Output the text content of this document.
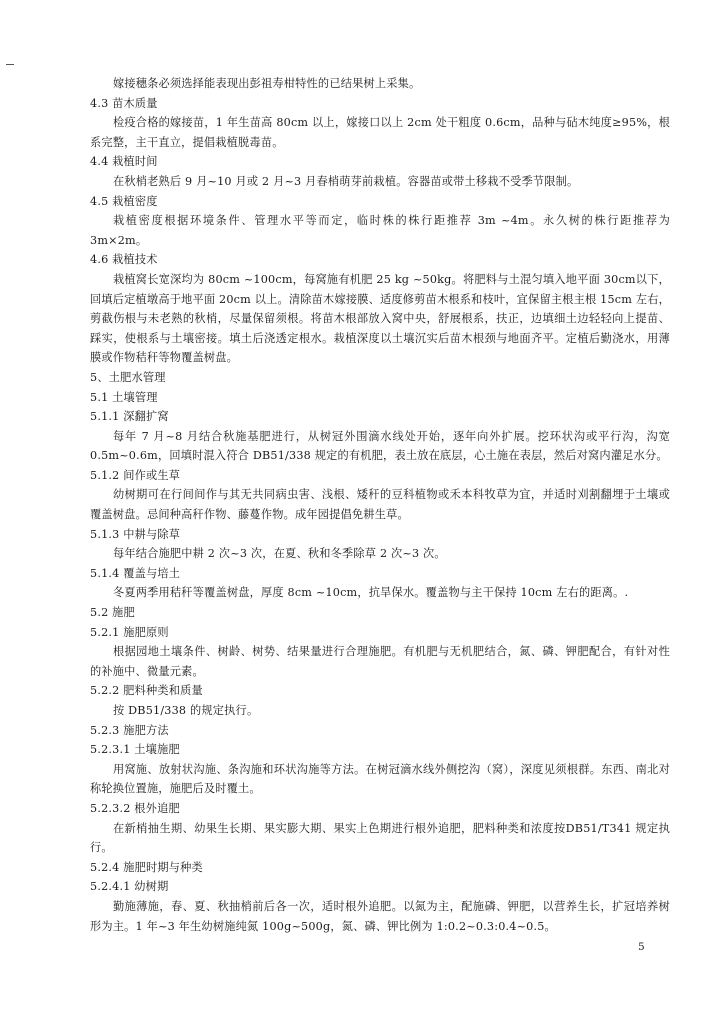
嫁接穗条必须选择能表现出彭祖寿柑特性的已结果树上采集。

4.3 苗木质量

检疫合格的嫁接苗，1 年生苗高 80cm 以上，嫁接口以上 2cm 处干粗度 0.6cm，品种与砧木纯度≥95%，根系完整，主干直立，提倡栽植脱毒苗。

4.4 栽植时间

在秋梢老熟后 9 月~10 月或 2 月~3 月春梢萌芽前栽植。容器苗或带土移栽不受季节限制。

4.5 栽植密度

栽植密度根据环境条件、管理水平等而定，临时株的株行距推荐 3m ~4m。永久树的株行距推荐为 3m×2m。

4.6 栽植技术

栽植窝长宽深均为 80cm ~100cm，每窝施有机肥 25 kg ~50kg。将肥料与土混匀填入地平面 30cm以下，回填后定植墩高于地平面 20cm 以上。清除苗木嫁接膜、适度修剪苗木根系和枝叶，宜保留主根主根 15cm 左右，剪截伤根与未老熟的秋梢，尽量保留须根。将苗木根部放入窝中央，舒展根系，扶正，边填细土边轻轻向上提苗、踩实，使根系与土壤密接。填土后浇透定根水。栽植深度以土壤沉实后苗木根颈与地面齐平。定植后勤浇水，用薄膜或作物秸秆等物覆盖树盘。

5、土肥水管理

5.1 土壤管理

5.1.1 深翻扩窝

每年 7 月~8 月结合秋施基肥进行，从树冠外围滴水线处开始，逐年向外扩展。挖环状沟或平行沟，沟宽 0.5m~0.6m，回填时混入符合 DB51/338 规定的有机肥，表土放在底层，心土施在表层，然后对窝内灌足水分。

5.1.2 间作或生草

幼树期可在行间间作与其无共同病虫害、浅根、矮秆的豆科植物或禾本科牧草为宜，并适时刈割翻埋于土壤或覆盖树盘。忌间种高秆作物、藤蔓作物。成年园提倡免耕生草。

5.1.3 中耕与除草

每年结合施肥中耕 2 次~3 次，在夏、秋和冬季除草 2 次~3 次。

5.1.4 覆盖与培土

冬夏两季用秸秆等覆盖树盘，厚度 8cm ~10cm，抗旱保水。覆盖物与主干保持 10cm 左右的距离。.

5.2 施肥

5.2.1 施肥原则

根据园地土壤条件、树龄、树势、结果量进行合理施肥。有机肥与无机肥结合，氮、磷、钾肥配合，有针对性的补施中、微量元素。

5.2.2 肥料种类和质量

按 DB51/338 的规定执行。

5.2.3 施肥方法

5.2.3.1 土壤施肥

用窝施、放射状沟施、条沟施和环状沟施等方法。在树冠滴水线外侧挖沟（窝），深度见须根群。东西、南北对称轮换位置施，施肥后及时覆土。

5.2.3.2 根外追肥

在新梢抽生期、幼果生长期、果实膨大期、果实上色期进行根外追肥，肥料种类和浓度按DB51/T341 规定执行。

5.2.4 施肥时期与种类

5.2.4.1 幼树期

勤施薄施，春、夏、秋抽梢前后各一次，适时根外追肥。以氮为主，配施磷、钾肥，以营养生长，扩冠培养树形为主。1 年~3 年生幼树施纯氮 100g~500g，氮、磷、钾比例为 1:0.2~0.3:0.4~0.5。

5
